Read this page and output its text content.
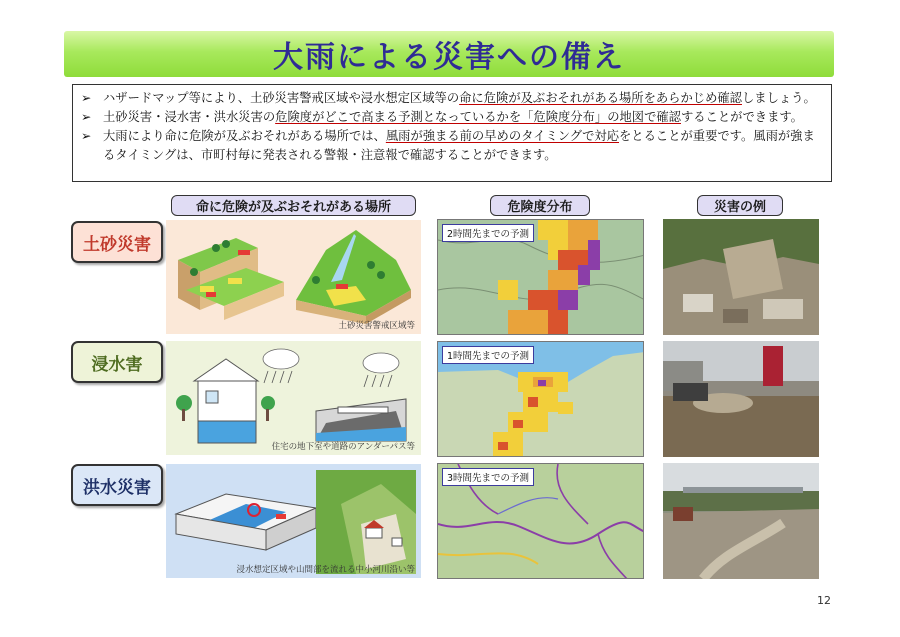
大雨による災害への備え
➢ ハザードマップ等により、土砂災害警戒区域や浸水想定区域等の命に危険が及ぶおそれがある場所をあらかじめ確認しましょう。
➢ 土砂災害・浸水害・洪水災害の危険度がどこで高まる予測となっているかを「危険度分布」の地図で確認することができます。
➢ 大雨により命に危険が及ぶおそれがある場所では、風雨が強まる前の早めのタイミングで対応をとることが重要です。風雨が強まるタイミングは、市町村毎に発表される警報・注意報で確認することができます。
命に危険が及ぶおそれがある場所	危険度分布	災害の例
土砂災害
浸水害
洪水災害
土砂災害警戒区域等
住宅の地下室や道路のアンダーパス等
浸水想定区域や山間部を流れる中小河川沿い等
2時間先までの予測
1時間先までの予測
3時間先までの予測
12
